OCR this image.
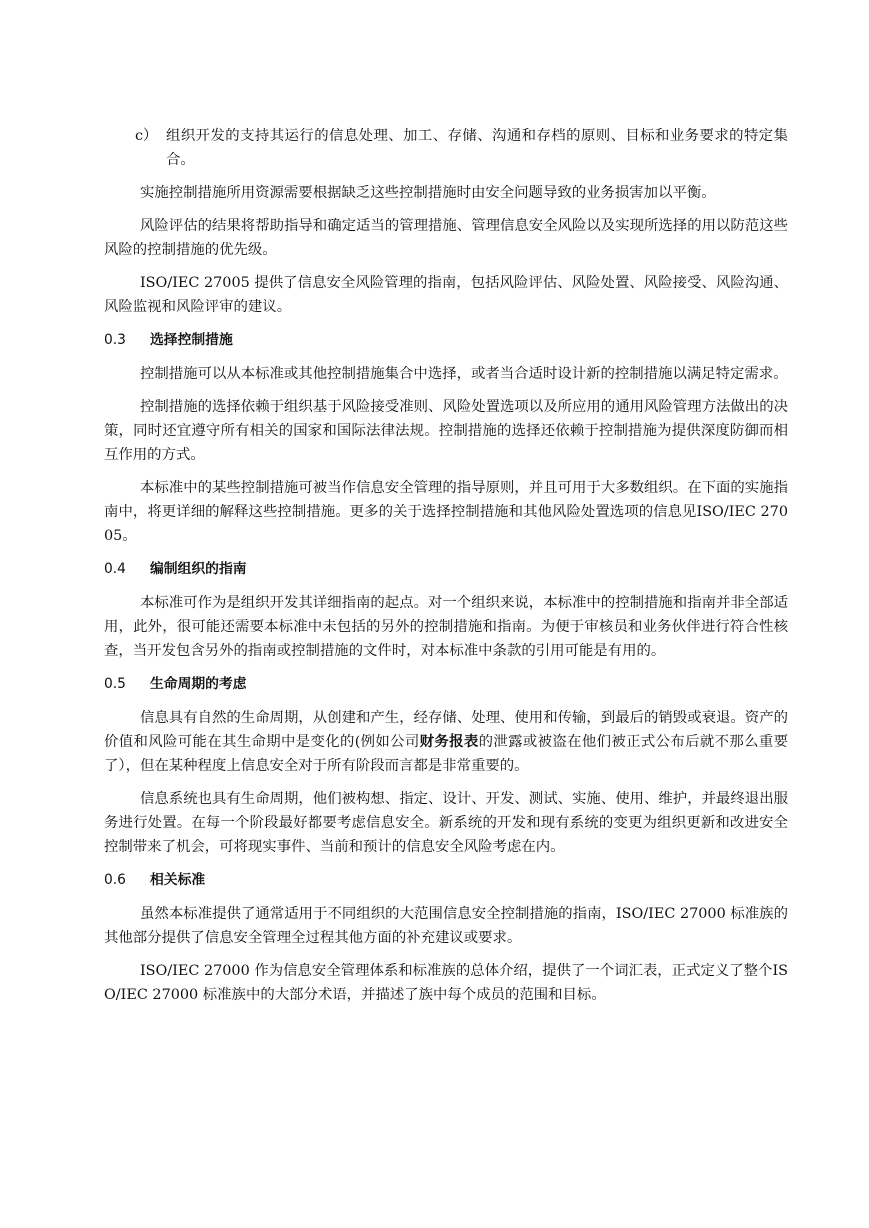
c） 组织开发的支持其运行的信息处理、加工、存储、沟通和存档的原则、目标和业务要求的特定集合。

实施控制措施所用资源需要根据缺乏这些控制措施时由安全问题导致的业务损害加以平衡。

风险评估的结果将帮助指导和确定适当的管理措施、管理信息安全风险以及实现所选择的用以防范这些风险的控制措施的优先级。

ISO/IEC 27005 提供了信息安全风险管理的指南，包括风险评估、风险处置、风险接受、风险沟通、风险监视和风险评审的建议。

0.3	选择控制措施

控制措施可以从本标准或其他控制措施集合中选择，或者当合适时设计新的控制措施以满足特定需求。

控制措施的选择依赖于组织基于风险接受准则、风险处置选项以及所应用的通用风险管理方法做出的决策，同时还宜遵守所有相关的国家和国际法律法规。控制措施的选择还依赖于控制措施为提供深度防御而相互作用的方式。

本标准中的某些控制措施可被当作信息安全管理的指导原则，并且可用于大多数组织。在下面的实施指南中，将更详细的解释这些控制措施。更多的关于选择控制措施和其他风险处置选项的信息见ISO/IEC 27005。

0.4	编制组织的指南

本标准可作为是组织开发其详细指南的起点。对一个组织来说，本标准中的控制措施和指南并非全部适用，此外，很可能还需要本标准中未包括的另外的控制措施和指南。为便于审核员和业务伙伴进行符合性核查，当开发包含另外的指南或控制措施的文件时，对本标准中条款的引用可能是有用的。

0.5	生命周期的考虑

信息具有自然的生命周期，从创建和产生，经存储、处理、使用和传输，到最后的销毁或衰退。资产的价值和风险可能在其生命期中是变化的(例如公司财务报表的泄露或被盗在他们被正式公布后就不那么重要了），但在某种程度上信息安全对于所有阶段而言都是非常重要的。

信息系统也具有生命周期，他们被构想、指定、设计、开发、测试、实施、使用、维护，并最终退出服务进行处置。在每一个阶段最好都要考虑信息安全。新系统的开发和现有系统的变更为组织更新和改进安全控制带来了机会，可将现实事件、当前和预计的信息安全风险考虑在内。

0.6	相关标准

虽然本标准提供了通常适用于不同组织的大范围信息安全控制措施的指南，ISO/IEC 27000 标准族的其他部分提供了信息安全管理全过程其他方面的补充建议或要求。

ISO/IEC 27000 作为信息安全管理体系和标准族的总体介绍，提供了一个词汇表，正式定义了整个ISO/IEC 27000 标准族中的大部分术语，并描述了族中每个成员的范围和目标。
